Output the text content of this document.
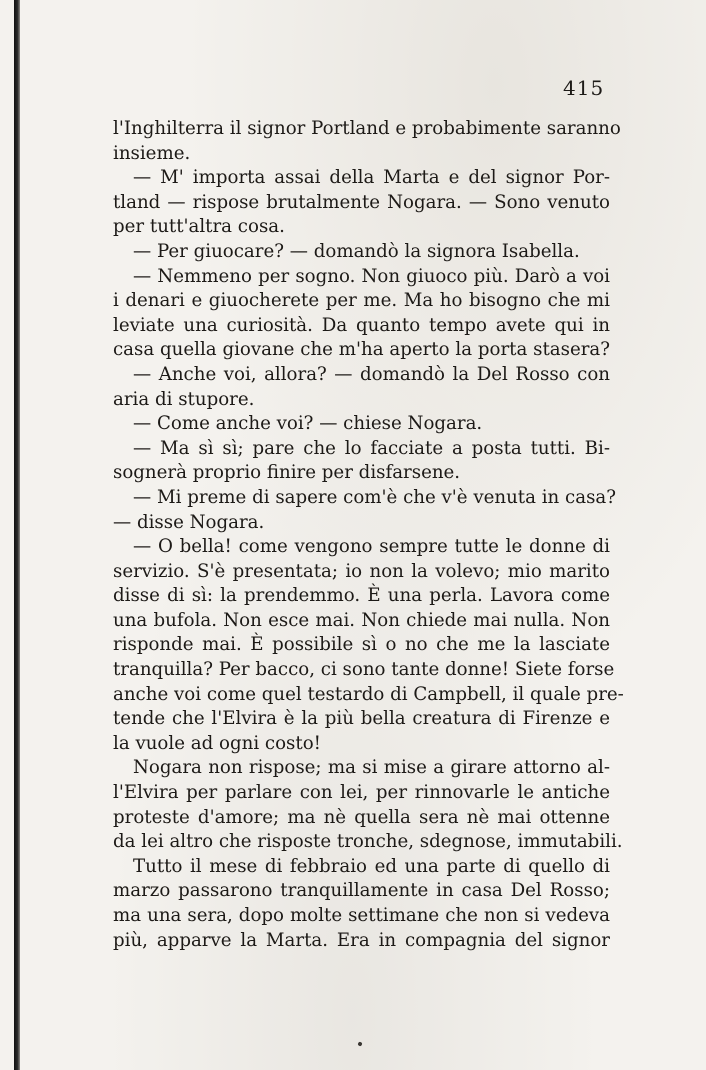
415
l'Inghilterra il signor Portland e probabimente saranno
insieme.
— M' importa assai della Marta e del signor Por-
tland — rispose brutalmente Nogara. — Sono venuto
per tutt'altra cosa.
— Per giuocare? — domandò la signora Isabella.
— Nemmeno per sogno. Non giuoco più. Darò a voi
i denari e giuocherete per me. Ma ho bisogno che mi
leviate una curiosità. Da quanto tempo avete qui in
casa quella giovane che m'ha aperto la porta stasera?
— Anche voi, allora? — domandò la Del Rosso con
aria di stupore.
— Come anche voi? — chiese Nogara.
— Ma sì sì; pare che lo facciate a posta tutti. Bi-
sognerà proprio finire per disfarsene.
— Mi preme di sapere com'è che v'è venuta in casa?
— disse Nogara.
— O bella! come vengono sempre tutte le donne di
servizio. S'è presentata; io non la volevo; mio marito
disse di sì: la prendemmo. È una perla. Lavora come
una bufola. Non esce mai. Non chiede mai nulla. Non
risponde mai. È possibile sì o no che me la lasciate
tranquilla? Per bacco, ci sono tante donne! Siete forse
anche voi come quel testardo di Campbell, il quale pre-
tende che l'Elvira è la più bella creatura di Firenze e
la vuole ad ogni costo!
Nogara non rispose; ma si mise a girare attorno al-
l'Elvira per parlare con lei, per rinnovarle le antiche
proteste d'amore; ma nè quella sera nè mai ottenne
da lei altro che risposte tronche, sdegnose, immutabili.
Tutto il mese di febbraio ed una parte di quello di
marzo passarono tranquillamente in casa Del Rosso;
ma una sera, dopo molte settimane che non si vedeva
più, apparve la Marta. Era in compagnia del signor
